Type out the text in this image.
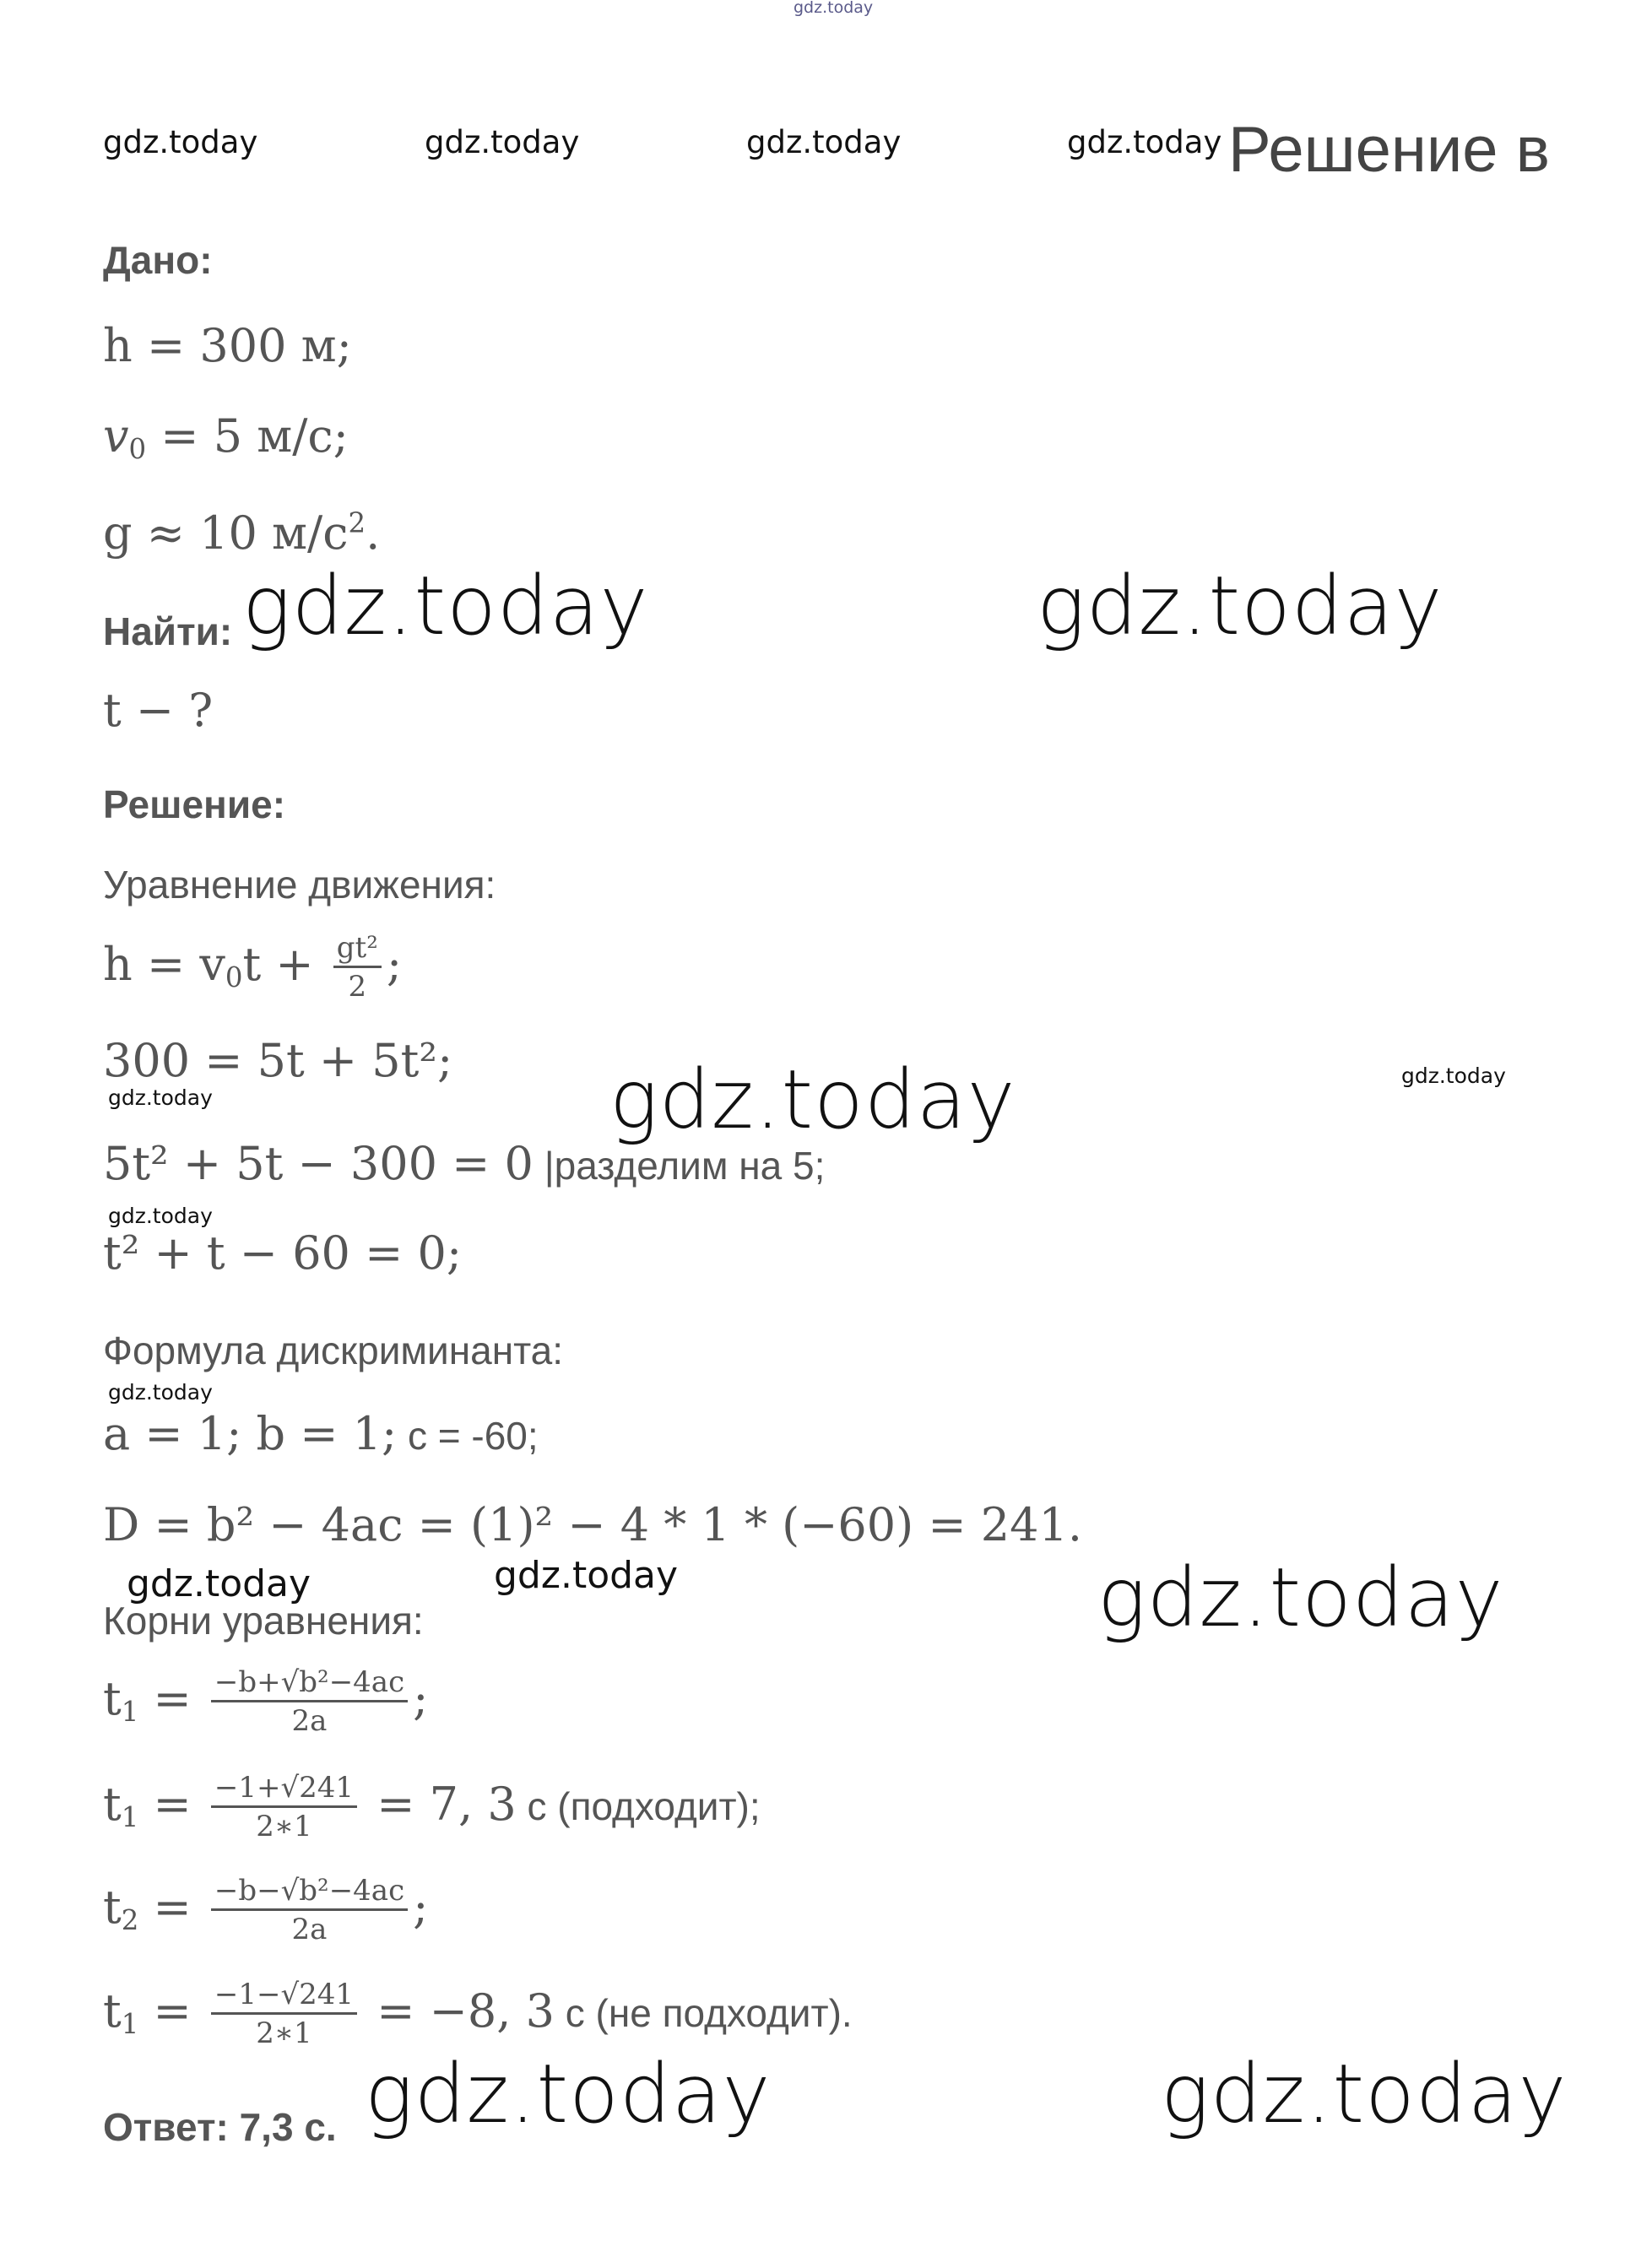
gdz.today
gdz.today	gdz.today	gdz.today	gdz.today Решение в
Дано:
h = 300 м;
$v_0 = 5$ м/с;
g ≈ 10 $м/с^2$.
Найти: gdz.today	gdz.today
t − ?
Решение:
Уравнение движения:
$h = v_0t + \frac{\text{gt²}}{2}$ ;
300 = 5t + 5t²;
gdz.today	gdz.today	gdz.today
5t² + 5t − 300 = 0 |разделим на 5;
gdz.today
t² + t − 60 = 0;
Формула дискриминанта:
gdz.today
a = 1; b = 1; c = -60;
D = b² − 4ac = (1)² − 4 * 1 * (−60) = 241.
gdz.today	gdz.today	gdz.today
Корни уравнения:
$t_1 = \frac{\text{−b+√b²−4ac}}{2a}$ ;
$t_1 = \frac{-1+√241}{2∗1} = 7$, 3 с (подходит);
$t_2 = \frac{\text{−b−√b²−4ac}}{2a}$ ;
$t_1 = \frac{-1-√241}{2∗1} = -8$, 3 с (не подходит).
Ответ: 7,3 с. gdz.today	gdz.today
